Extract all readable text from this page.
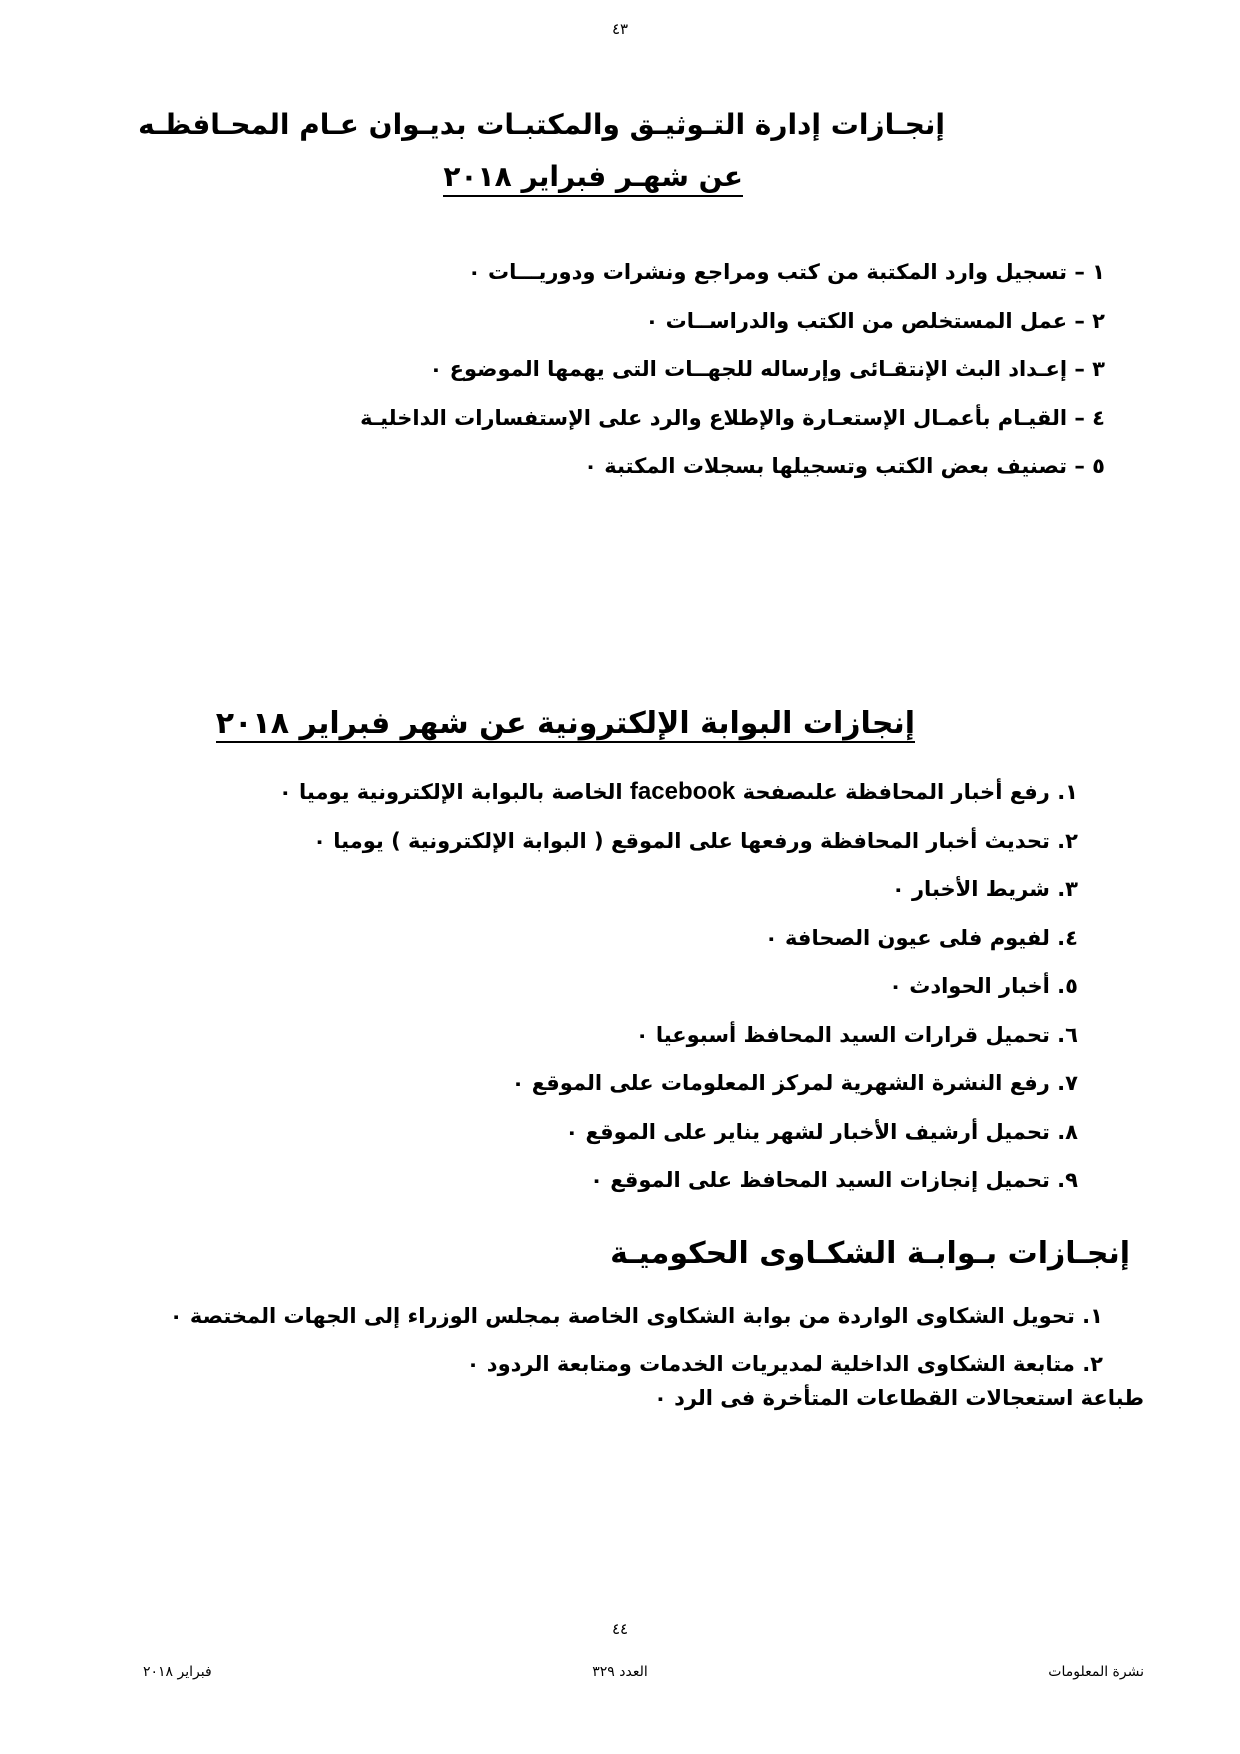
٤٣
إنجـازات إدارة التـوثيـق والمكتبـات بديـوان عـام المحـافظـه
عن شهـر فبراير ٢٠١٨
١ – تسجيل وارد المكتبة من كتب ومراجع ونشرات ودوريـــات ٠
٢ – عمل المستخلص من الكتب والدراســات ٠
٣ – إعـداد البث الإنتقـائى وإرساله للجهــات التى يهمها الموضوع ٠
٤ – القيـام بأعمـال الإستعـارة والإطلاع والرد على الإستفسارات الداخليـة
٥ – تصنيف بعض الكتب وتسجيلها بسجلات المكتبة ٠
إنجازات البوابة الإلكترونية عن شهر فبراير ٢٠١٨
١. رفع أخبار المحافظة علىصفحة facebook الخاصة بالبوابة الإلكترونية يوميا ٠
٢. تحديث أخبار المحافظة ورفعها على الموقع ( البوابة الإلكترونية ) يوميا ٠
٣. شريط الأخبار ٠
٤. لفيوم فلى عيون الصحافة ٠
٥. أخبار الحوادث ٠
٦. تحميل قرارات السيد المحافظ أسبوعيا ٠
٧. رفع النشرة الشهرية لمركز المعلومات على الموقع ٠
٨. تحميل أرشيف الأخبار لشهر يناير على الموقع ٠
٩. تحميل إنجازات السيد المحافظ على الموقع ٠
إنجـازات بـوابـة الشكـاوى الحكوميـة
١. تحويل الشكاوى الواردة من بوابة الشكاوى الخاصة بمجلس الوزراء إلى الجهات المختصة ٠
٢. متابعة الشكاوى الداخلية لمديريات الخدمات ومتابعة الردود ٠
طباعة استعجالات القطاعات المتأخرة فى الرد ٠
٤٤
نشرة المعلومات
العدد ٣٢٩
فبراير ٢٠١٨
